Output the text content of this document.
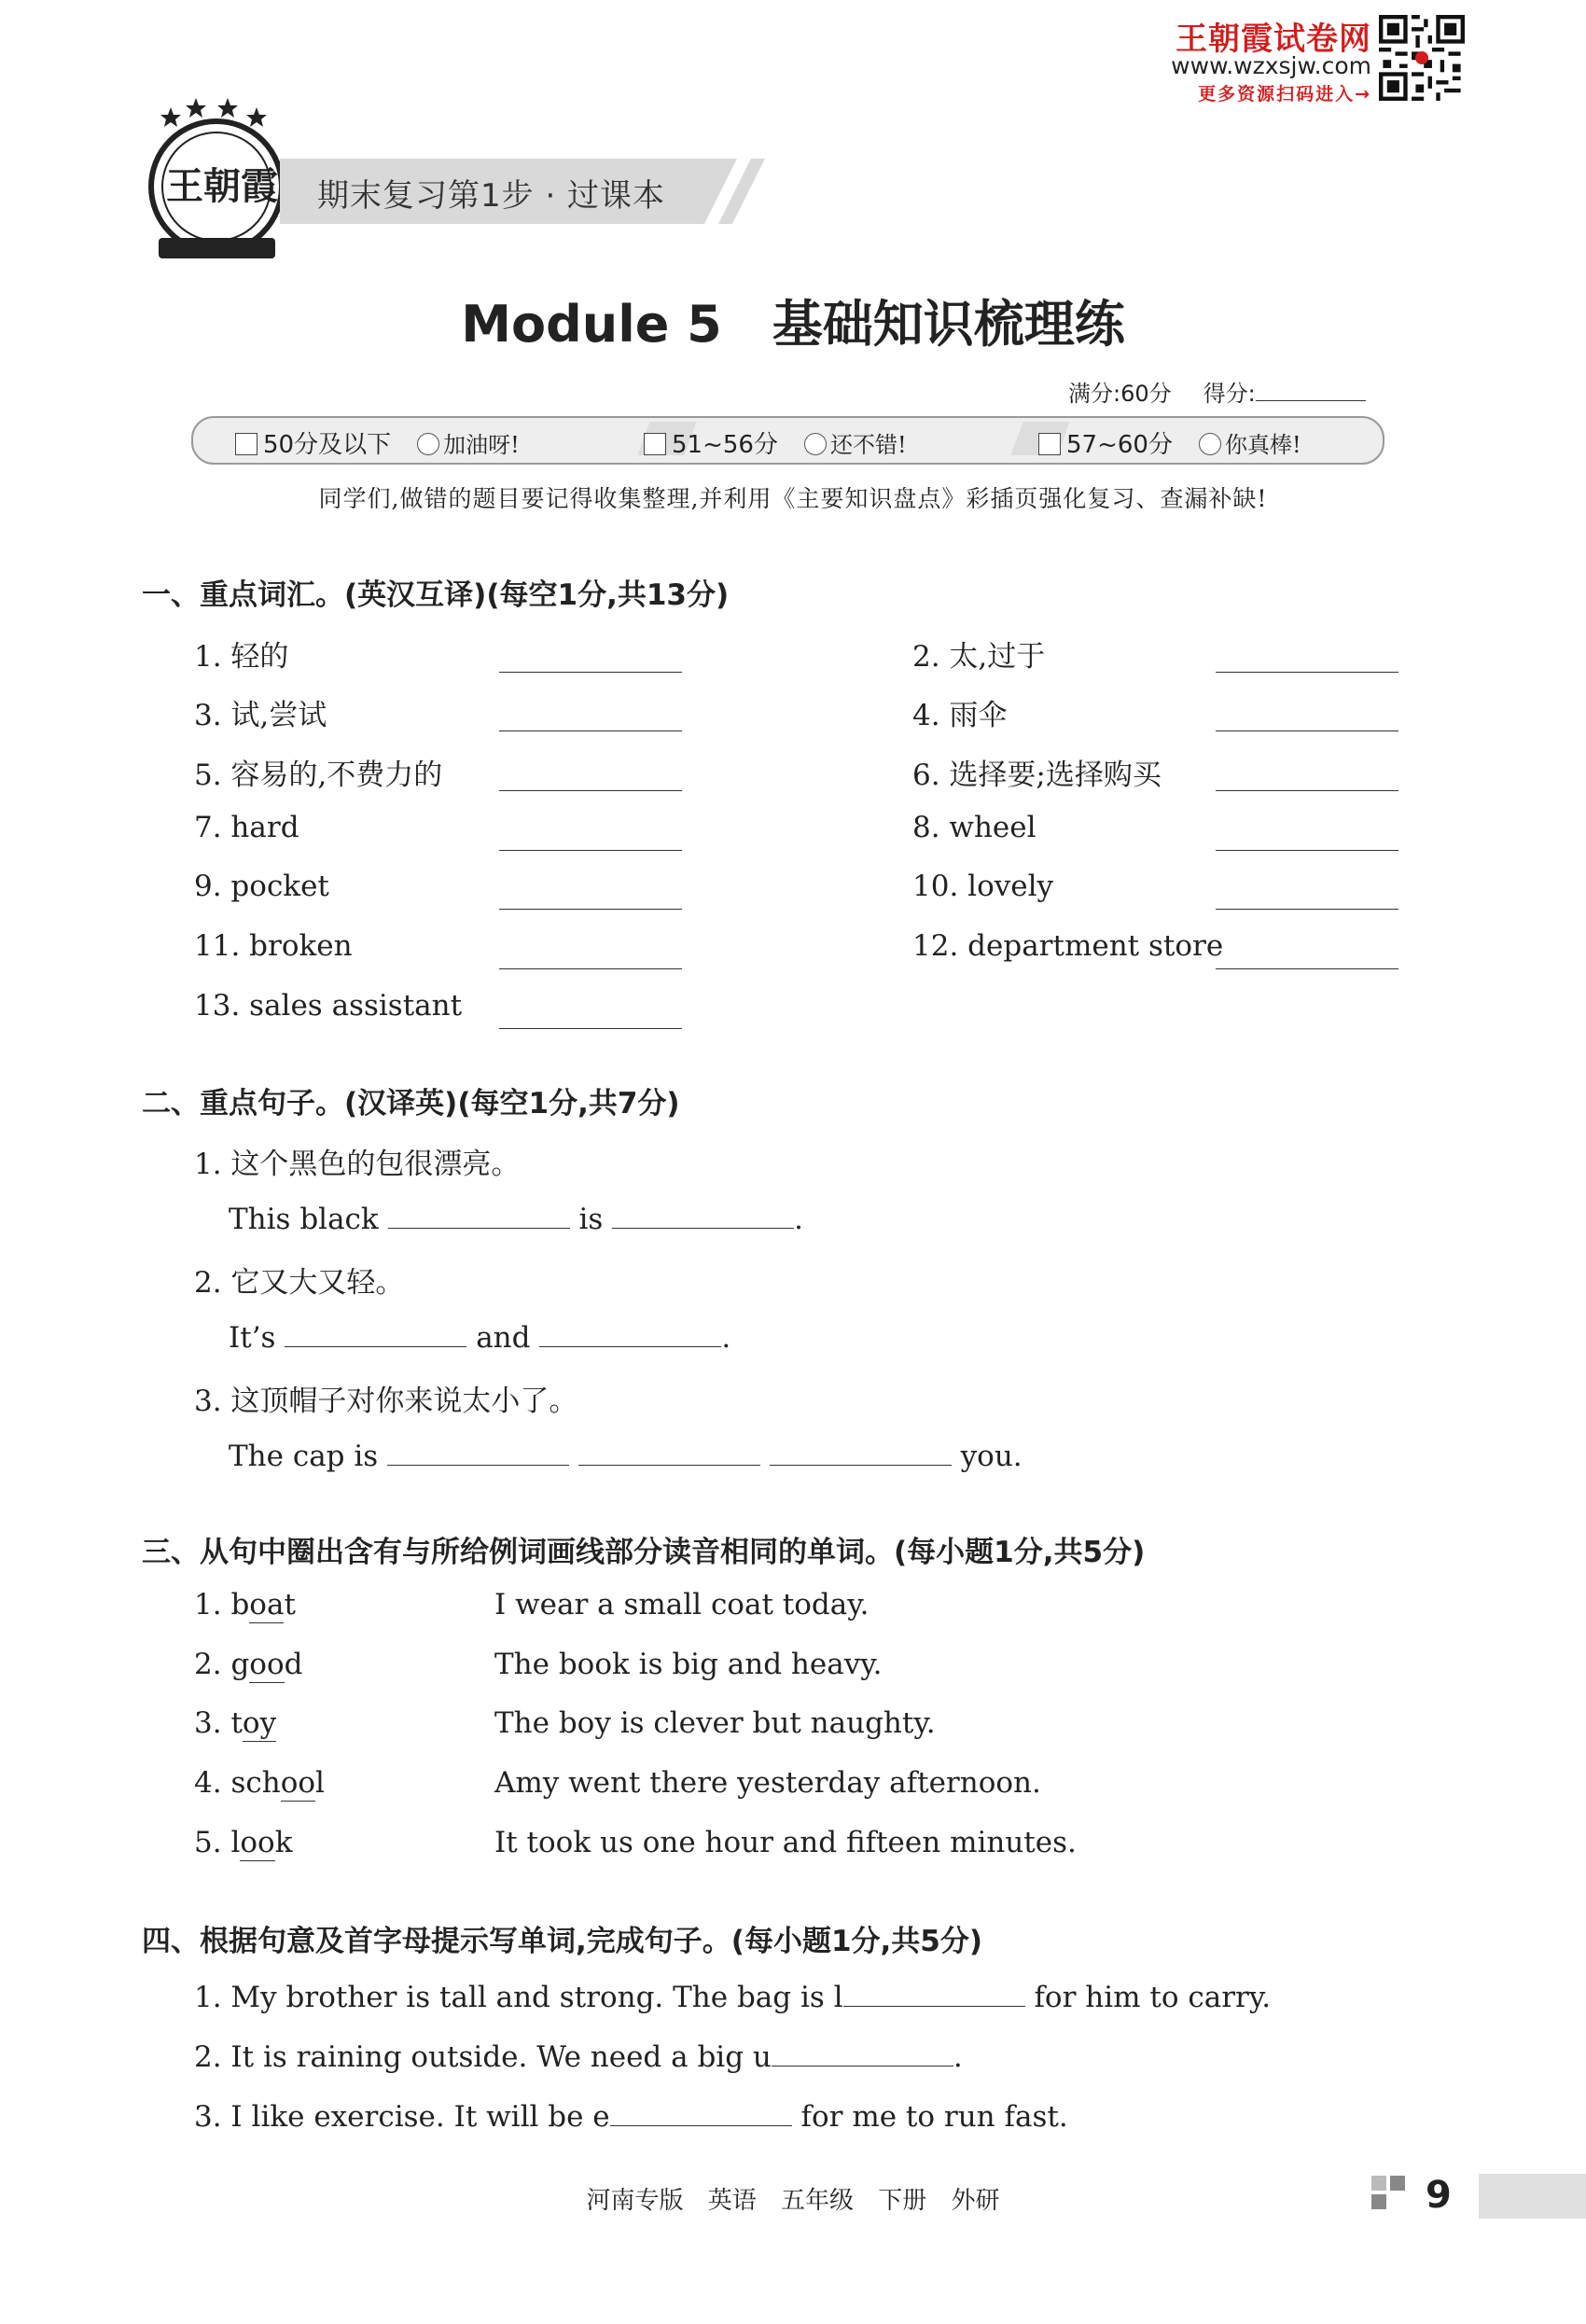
王朝霞试卷网
www.wzxsjw.com
更多资源扫码进入→
王朝霞 期末复习第1步 · 过课本
Module 5　基础知识梳理练
满分:60分 得分:
50分及以下 加油呀!	51~56分 还不错!	57~60分 你真棒!
同学们,做错的题目要记得收集整理,并利用《主要知识盘点》彩插页强化复习、查漏补缺!
一、重点词汇。(英汉互译)(每空1分,共13分)
1. 轻的	2. 太,过于
3. 试,尝试	4. 雨伞
5. 容易的,不费力的	6. 选择要;选择购买
7. hard	8. wheel
9. pocket	10. lovely
11. broken	12. department store
13. sales assistant
二、重点句子。(汉译英)(每空1分,共7分)
1. 这个黑色的包很漂亮。
This black	is	.
2. 它又大又轻。
It’s	and	.
3. 这顶帽子对你来说太小了。
The cap is	you.
三、从句中圈出含有与所给例词画线部分读音相同的单词。(每小题1分,共5分)
1. boat	I wear a small coat today.
2. good	The book is big and heavy.
3. toy	The boy is clever but naughty.
4. school	Amy went there yesterday afternoon.
5. look	It took us one hour and fifteen minutes.
四、根据句意及首字母提示写单词,完成句子。(每小题1分,共5分)
1. My brother is tall and strong. The bag is l	for him to carry.
2. It is raining outside. We need a big u	.
3. I like exercise. It will be e	for me to run fast.
河南专版 英语 五年级 下册 外研	9
